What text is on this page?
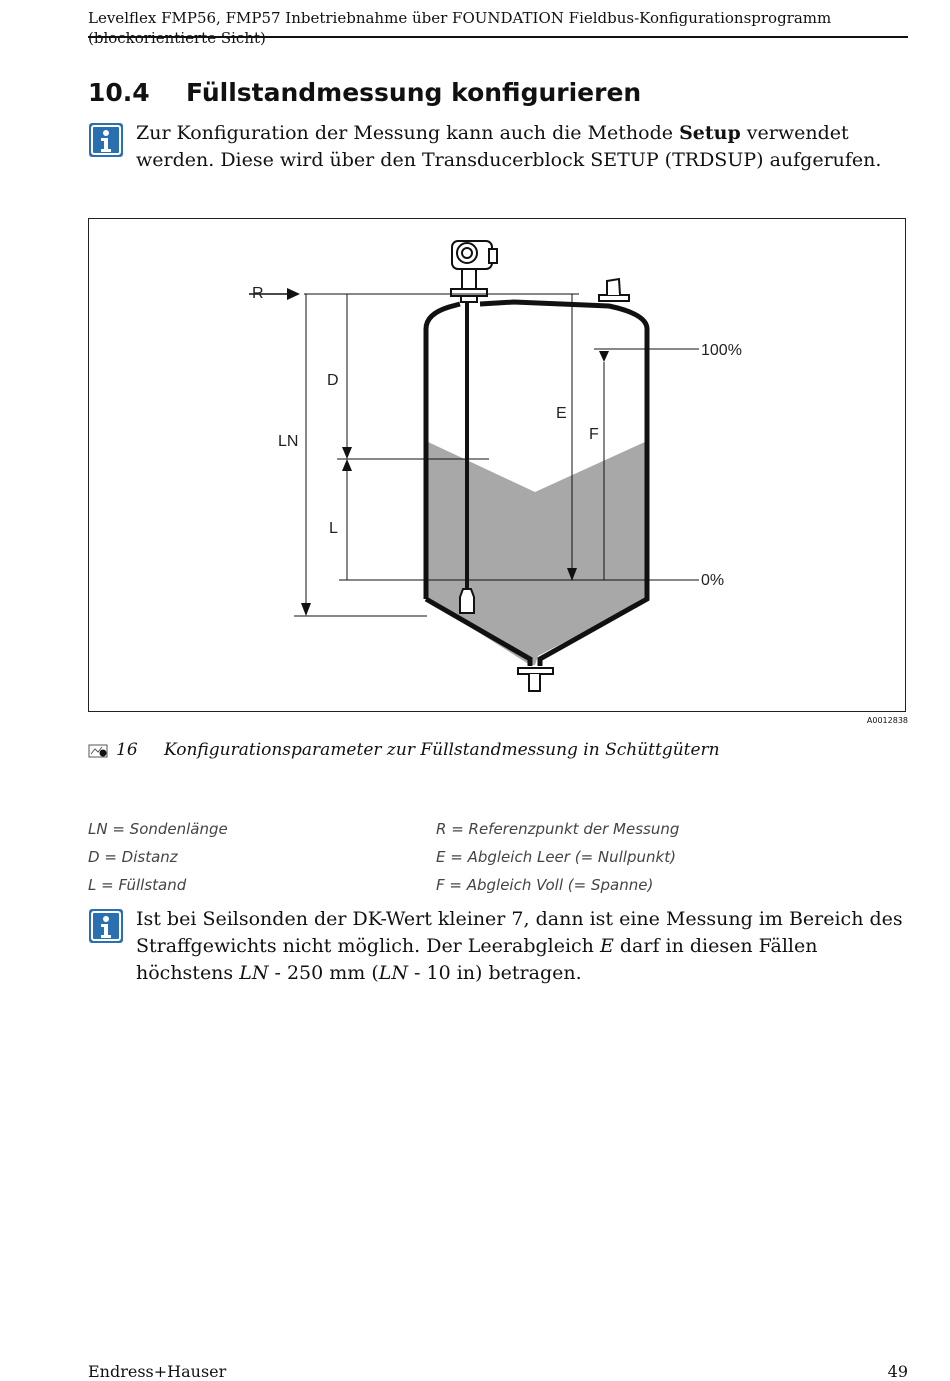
Levelflex FMP56, FMP57 Inbetriebnahme über FOUNDATION Fieldbus-Konfigurationsprogramm (blockorientierte Sicht)
10.4 Füllstandmessung konfigurieren
Zur Konfiguration der Messung kann auch die Methode Setup verwendet werden. Diese wird über den Transducerblock SETUP (TRDSUP) aufgerufen.
R
D
LN
L
E
F
100%
0%
A0012838
16 Konfigurationsparameter zur Füllstandmessung in Schüttgütern
LN = Sondenlänge
D = Distanz
L = Füllstand
R = Referenzpunkt der Messung
E = Abgleich Leer (= Nullpunkt)
F = Abgleich Voll (= Spanne)
Ist bei Seilsonden der DK-Wert kleiner 7, dann ist eine Messung im Bereich des Straffgewichts nicht möglich. Der Leerabgleich E darf in diesen Fällen höchstens LN - 250 mm (LN - 10 in) betragen.
Endress+Hauser	49
